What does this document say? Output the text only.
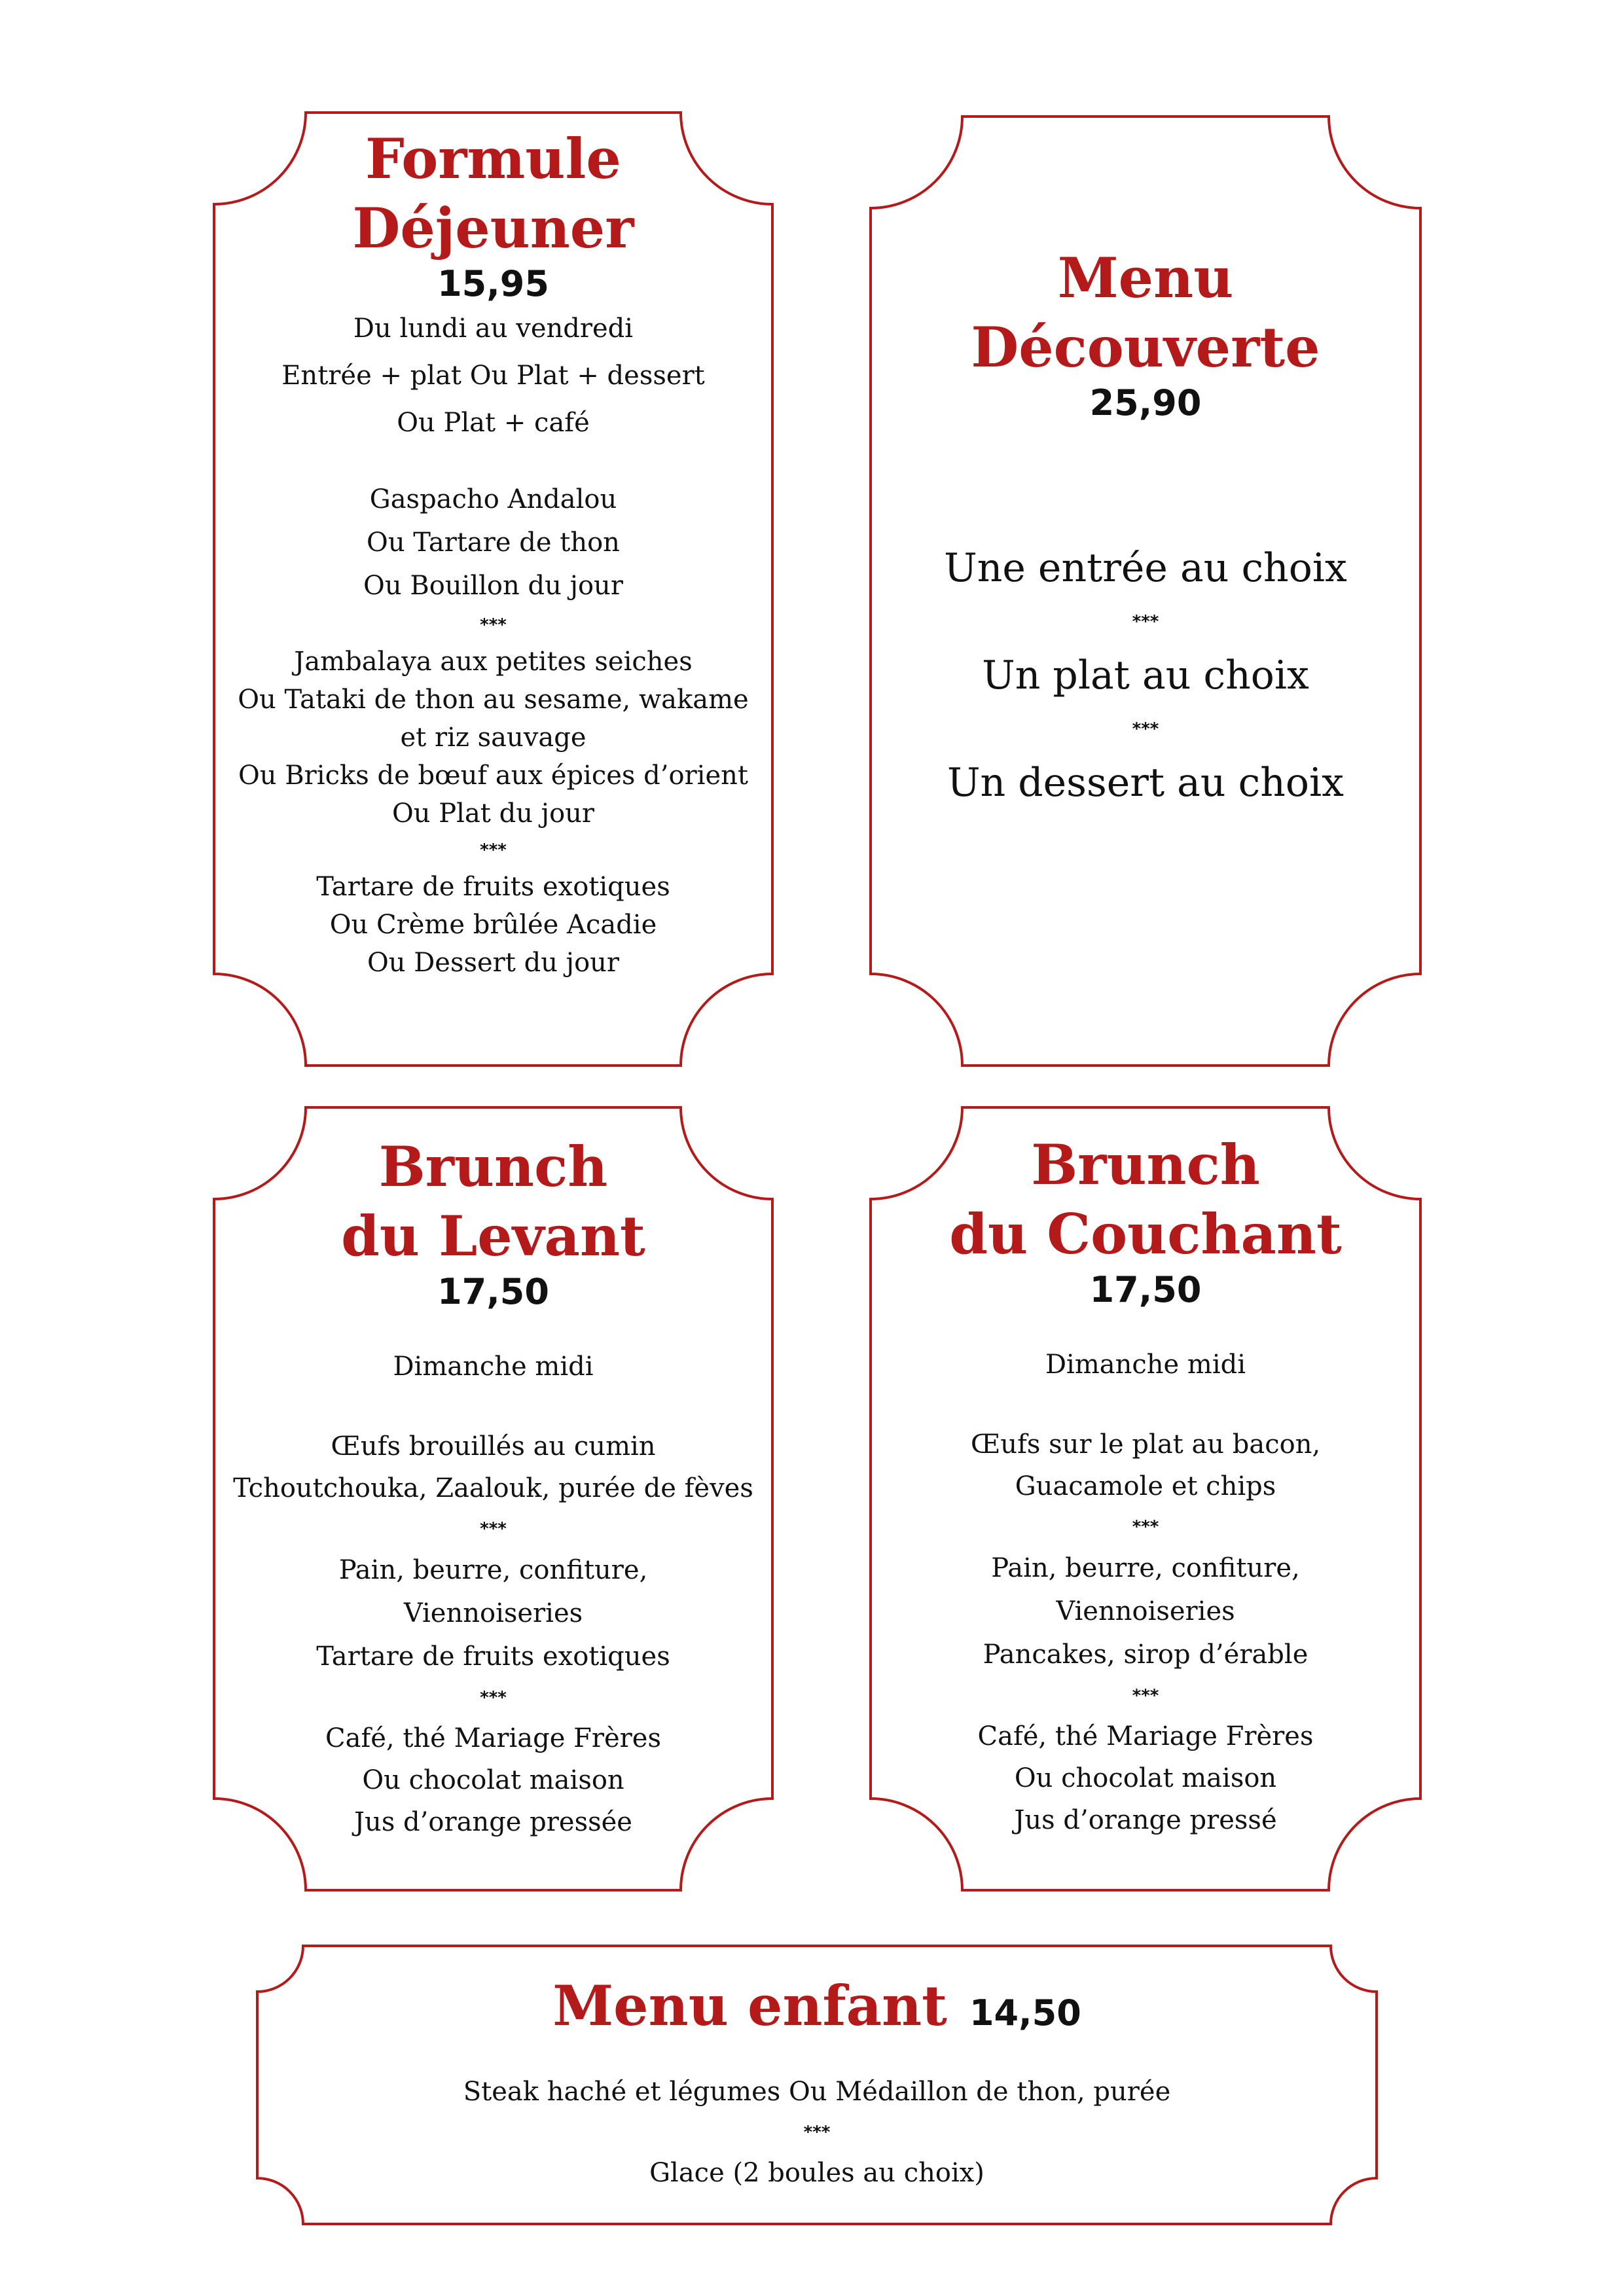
Formule
Déjeuner
15,95
Du lundi au vendredi
Entrée + plat Ou Plat + dessert
Ou Plat + café
Gaspacho Andalou
Ou Tartare de thon
Ou Bouillon du jour
***
Jambalaya aux petites seiches
Ou Tataki de thon au sesame, wakame
et riz sauvage
Ou Bricks de bœuf aux épices d’orient
Ou Plat du jour
***
Tartare de fruits exotiques
Ou Crème brûlée Acadie
Ou Dessert du jour
Menu
Découverte
25,90
Une entrée au choix
***
Un plat au choix
***
Un dessert au choix
Brunch
du Levant
17,50
Dimanche midi
Œufs brouillés au cumin
Tchoutchouka, Zaalouk, purée de fèves
***
Pain, beurre, confiture,
Viennoiseries
Tartare de fruits exotiques
***
Café, thé Mariage Frères
Ou chocolat maison
Jus d’orange pressée
Brunch
du Couchant
17,50
Dimanche midi
Œufs sur le plat au bacon,
Guacamole et chips
***
Pain, beurre, confiture,
Viennoiseries
Pancakes, sirop d’érable
***
Café, thé Mariage Frères
Ou chocolat maison
Jus d’orange pressé
Menu enfant 14,50
Steak haché et légumes Ou Médaillon de thon, purée
***
Glace (2 boules au choix)
